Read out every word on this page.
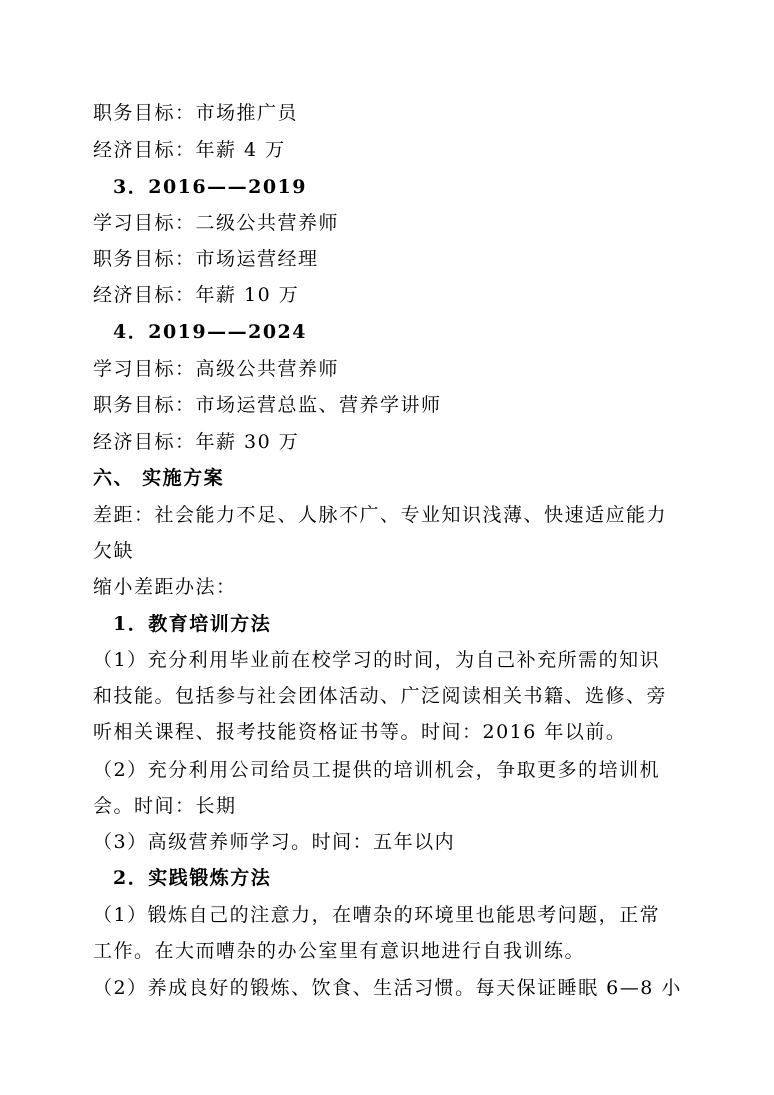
职务目标：市场推广员
经济目标：年薪 4 万
3．2016——2019
学习目标：二级公共营养师
职务目标：市场运营经理
经济目标：年薪 10 万
4．2019——2024
学习目标：高级公共营养师
职务目标：市场运营总监、营养学讲师
经济目标：年薪 30 万
六、 实施方案
差距：社会能力不足、人脉不广、专业知识浅薄、快速适应能力
欠缺
缩小差距办法：
1．教育培训方法
（1）充分利用毕业前在校学习的时间，为自己补充所需的知识
和技能。包括参与社会团体活动、广泛阅读相关书籍、选修、旁
听相关课程、报考技能资格证书等。时间：2016 年以前。
（2）充分利用公司给员工提供的培训机会，争取更多的培训机
会。时间：长期
（3）高级营养师学习。时间：五年以内
2．实践锻炼方法
（1）锻炼自己的注意力，在嘈杂的环境里也能思考问题，正常
工作。在大而嘈杂的办公室里有意识地进行自我训练。
（2）养成良好的锻炼、饮食、生活习惯。每天保证睡眠 6—8 小
